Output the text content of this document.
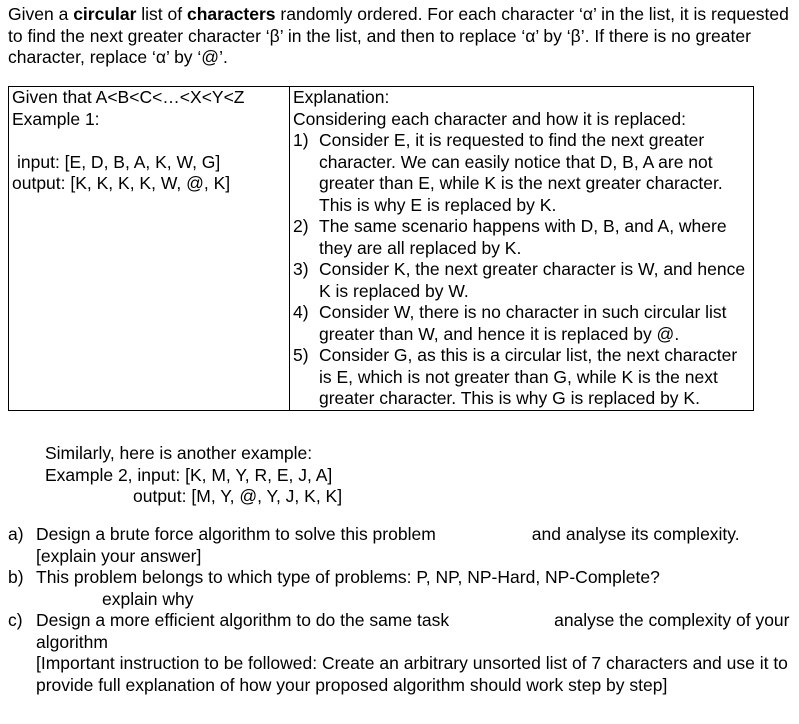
Given a circular list of characters randomly ordered. For each character ‘α’ in the list, it is requested to find the next greater character ‘β’ in the list, and then to replace ‘α’ by ‘β’. If there is no greater character, replace ‘α’ by ‘@’.
Given that A<B<C<…<X<Y<Z
Example 1:
input: [E, D, B, A, K, W, G]
output: [K, K, K, K, W, @, K]

Explanation:
Considering each character and how it is replaced:
1) Consider E, it is requested to find the next greater character. We can easily notice that D, B, A are not greater than E, while K is the next greater character. This is why E is replaced by K.
2) The same scenario happens with D, B, and A, where they are all replaced by K.
3) Consider K, the next greater character is W, and hence K is replaced by W.
4) Consider W, there is no character in such circular list greater than W, and hence it is replaced by @.
5) Consider G, as this is a circular list, the next character is E, which is not greater than G, while K is the next greater character. This is why G is replaced by K.
Similarly, here is another example:
Example 2, input: [K, M, Y, R, E, J, A]
output: [M, Y, @, Y, J, K, K]
a) Design a brute force algorithm to solve this problem	and analyse its complexity. [explain your answer]
b) This problem belongs to which type of problems: P, NP, NP-Hard, NP-Complete?
explain why
c) Design a more efficient algorithm to do the same task	analyse the complexity of your algorithm
[Important instruction to be followed: Create an arbitrary unsorted list of 7 characters and use it to provide full explanation of how your proposed algorithm should work step by step]
